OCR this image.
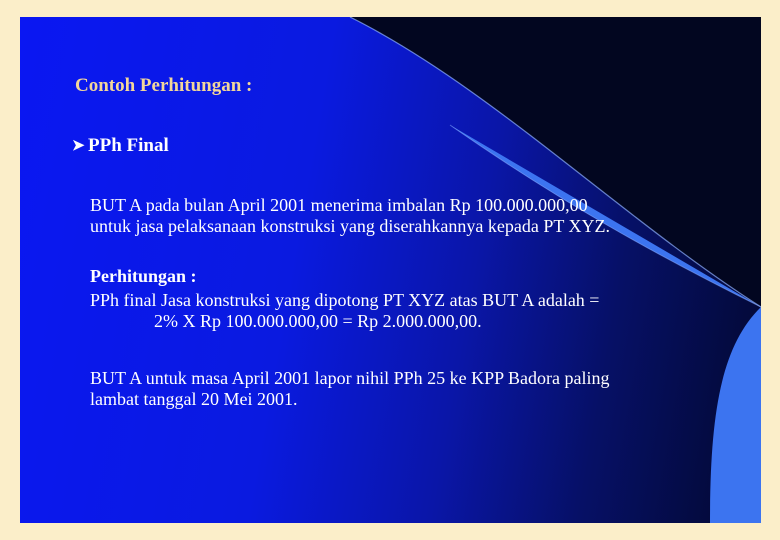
Contoh Perhitungan :
➤ PPh Final
BUT A pada bulan April 2001 menerima imbalan Rp 100.000.000,00
untuk jasa pelaksanaan konstruksi yang diserahkannya kepada PT XYZ.
Perhitungan :
PPh final Jasa konstruksi yang dipotong PT XYZ atas BUT A adalah =
2% X Rp 100.000.000,00 = Rp 2.000.000,00.
BUT A untuk masa April 2001 lapor nihil PPh 25 ke KPP Badora paling
lambat tanggal 20 Mei 2001.
